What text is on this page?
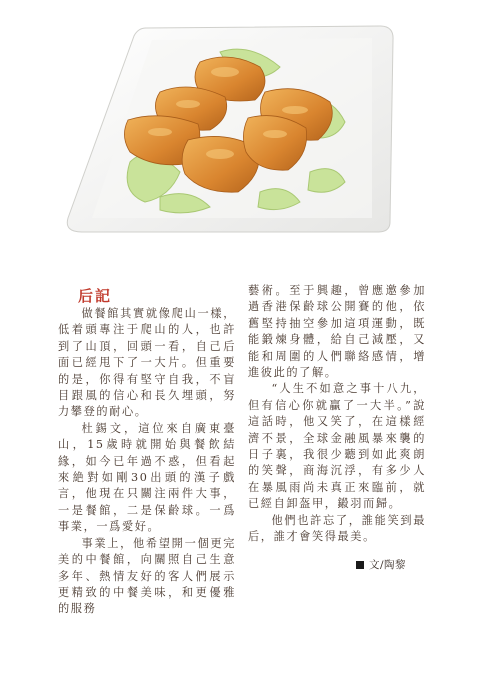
后記

做餐館其實就像爬山一樣，低着頭專注于爬山的人，也許到了山頂，回頭一看，自己后面已經甩下了一大片。但重要的是，你得有堅守自我，不盲目跟風的信心和長久埋頭，努力攀登的耐心。

杜錫文，這位來自廣東臺山，15歲時就開始與餐飲結緣，如今已年過不惑，但看起來絶對如剛30出頭的漢子戲言，他現在只關注兩件大事，一是餐館，二是保齡球。一爲事業，一爲愛好。

事業上，他希望開一個更完美的中餐館，向關照自己生意多年、熱情友好的客人們展示更精致的中餐美味，和更優雅的服務

藝術。至于興趣，曾應邀參加過香港保齡球公開賽的他，依舊堅持抽空參加這項運動，既能鍛煉身體，給自己減壓，又能和周圍的人們聯絡感情，增進彼此的了解。

“人生不如意之事十八九，但有信心你就贏了一大半。”說這話時，他又笑了，在這樣經濟不景，全球金融風暴來襲的日子裏，我很少聽到如此爽朗的笑聲，商海沉浮，有多少人在暴風雨尚未真正來臨前，就已經自卸盔甲，鎩羽而歸。

他們也許忘了，誰能笑到最后，誰才會笑得最美。

文/陶黎
